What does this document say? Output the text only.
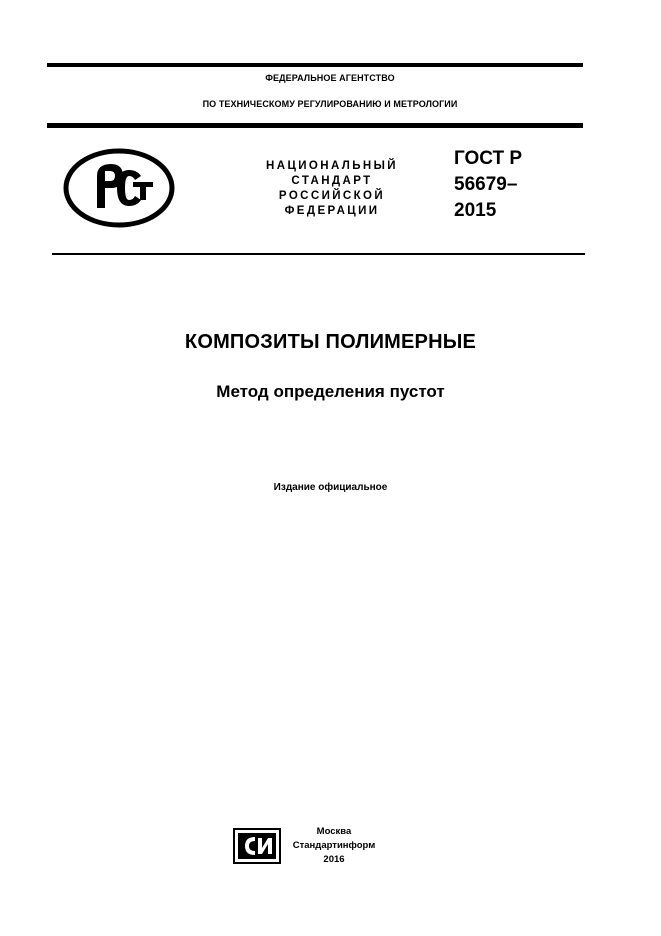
ФЕДЕРАЛЬНОЕ АГЕНТСТВО
ПО ТЕХНИЧЕСКОМУ РЕГУЛИРОВАНИЮ И МЕТРОЛОГИИ
НАЦИОНАЛЬНЫЙ
СТАНДАРТ
РОССИЙСКОЙ
ФЕДЕРАЦИИ
ГОСТ Р
56679–
2015
КОМПОЗИТЫ ПОЛИМЕРНЫЕ
Метод определения пустот
Издание официальное
Москва
Стандартинформ
2016
